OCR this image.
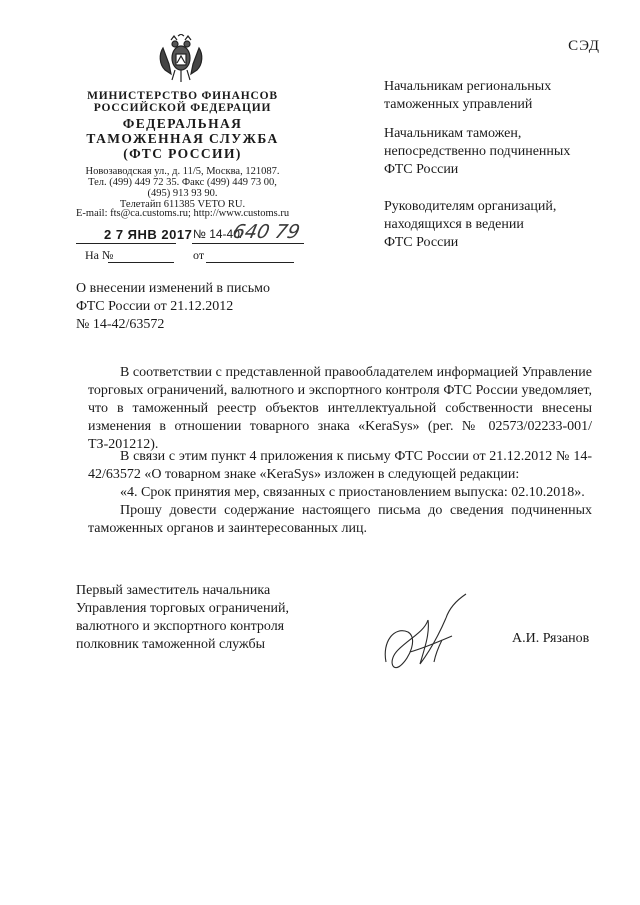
СЭД
МИНИСТЕРСТВО ФИНАНСОВ
РОССИЙСКОЙ ФЕДЕРАЦИИ
ФЕДЕРАЛЬНАЯ
ТАМОЖЕННАЯ СЛУЖБА
(ФТС РОССИИ)
Новозаводская ул., д. 11/5, Москва, 121087.
Тел. (499) 449 72 35. Факс (499) 449 73 00,
(495) 913 93 90.
Телетайп 611385 VETO RU.
E-mail: fts@ca.customs.ru; http://www.customs.ru
2 7 ЯНВ 2017 № 14-40/
640 79
На №	от
Начальникам региональных
таможенных управлений
Начальникам таможен,
непосредственно подчиненных
ФТС России
Руководителям организаций,
находящихся в ведении
ФТС России
О внесении изменений в письмо
ФТС России от 21.12.2012
№ 14-42/63572
В соответствии с представленной правообладателем информацией Управление торговых ограничений, валютного и экспортного контроля ФТС России уведомляет, что в таможенный реестр объектов интеллектуальной собственности внесены изменения в отношении товарного знака «KeraSys» (рег. № 02573/02233-001/ТЗ-201212).
В связи с этим пункт 4 приложения к письму ФТС России от 21.12.2012 № 14-42/63572 «О товарном знаке «KeraSys» изложен в следующей редакции:
«4. Срок принятия мер, связанных с приостановлением выпуска: 02.10.2018».
Прошу довести содержание настоящего письма до сведения подчиненных таможенных органов и заинтересованных лиц.
Первый заместитель начальника
Управления торговых ограничений,
валютного и экспортного контроля
полковник таможенной службы	А.И. Рязанов
